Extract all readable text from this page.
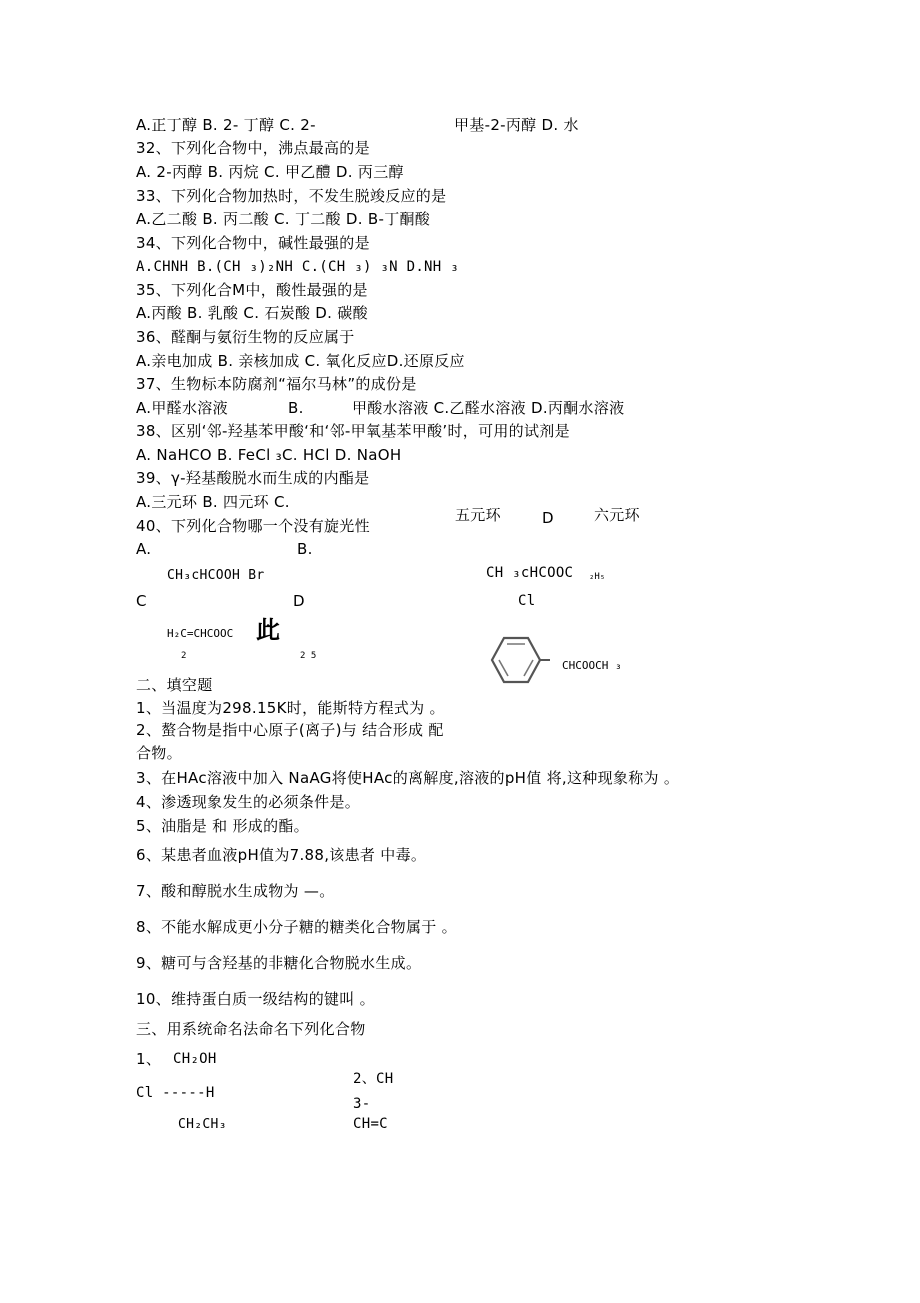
A.正丁醇 B. 2- 丁醇 C. 2-	甲基-2-丙醇 D. 水
32、下列化合物中，沸点最高的是
A. 2-丙醇 B. 丙烷 C. 甲乙醴 D. 丙三醇
33、下列化合物加热时，不发生脱竣反应的是
A.乙二酸 B. 丙二酸 C. 丁二酸 D. B-丁酮酸
34、下列化合物中，碱性最强的是
A.CHNH B.(CH ₃)₂NH C.(CH ₃) ₃N D.NH ₃
35、下列化合M中，酸性最强的是
A.丙酸 B. 乳酸 C. 石炭酸 D. 碳酸
36、醛酮与氨衍生物的反应属于
A.亲电加成 B. 亲核加成 C. 氧化反应D.还原反应
37、生物标本防腐剂“福尔马林”的成份是
A.甲醛水溶液	B.	甲酸水溶液 C.乙醛水溶液 D.丙酮水溶液
38、区别‘邻-羟基苯甲酸‘和‘邻-甲氧基苯甲酸’时，可用的试剂是
A. NaHCO B. FeCl ₃C. HCl D. NaOH
39、γ-羟基酸脱水而生成的内酯是
A.三元环 B. 四元环 C.
五元环	D	六元环
40、下列化合物哪一个没有旋光性
A.	B.
CH₃cHCOOH Br	CH ₃cHCOOC ₂H₅
Cl
C	D
H₂C=CHCOOC 此
2	2 5
CHCOOCH ₃
二、填空题
1、当温度为298.15K时，能斯特方程式为 。
2、螯合物是指中心原子(离子)与 结合形成 配
合物。
3、在HAc溶液中加入 NaAG将使HAc的离解度,溶液的pH值 将,这种现象称为 。
4、渗透现象发生的必须条件是。
5、油脂是 和 形成的酯。
6、某患者血液pH值为7.88,该患者 中毒。
7、酸和醇脱水生成物为 —。
8、不能水解成更小分子糖的糖类化合物属于 。
9、糖可与含羟基的非糖化合物脱水生成。
10、维持蛋白质一级结构的键叫 。
三、用系统命名法命名下列化合物
1、 CH₂OH
Cl -----H
CH₂CH₃
2、CH
3-
CH=C
